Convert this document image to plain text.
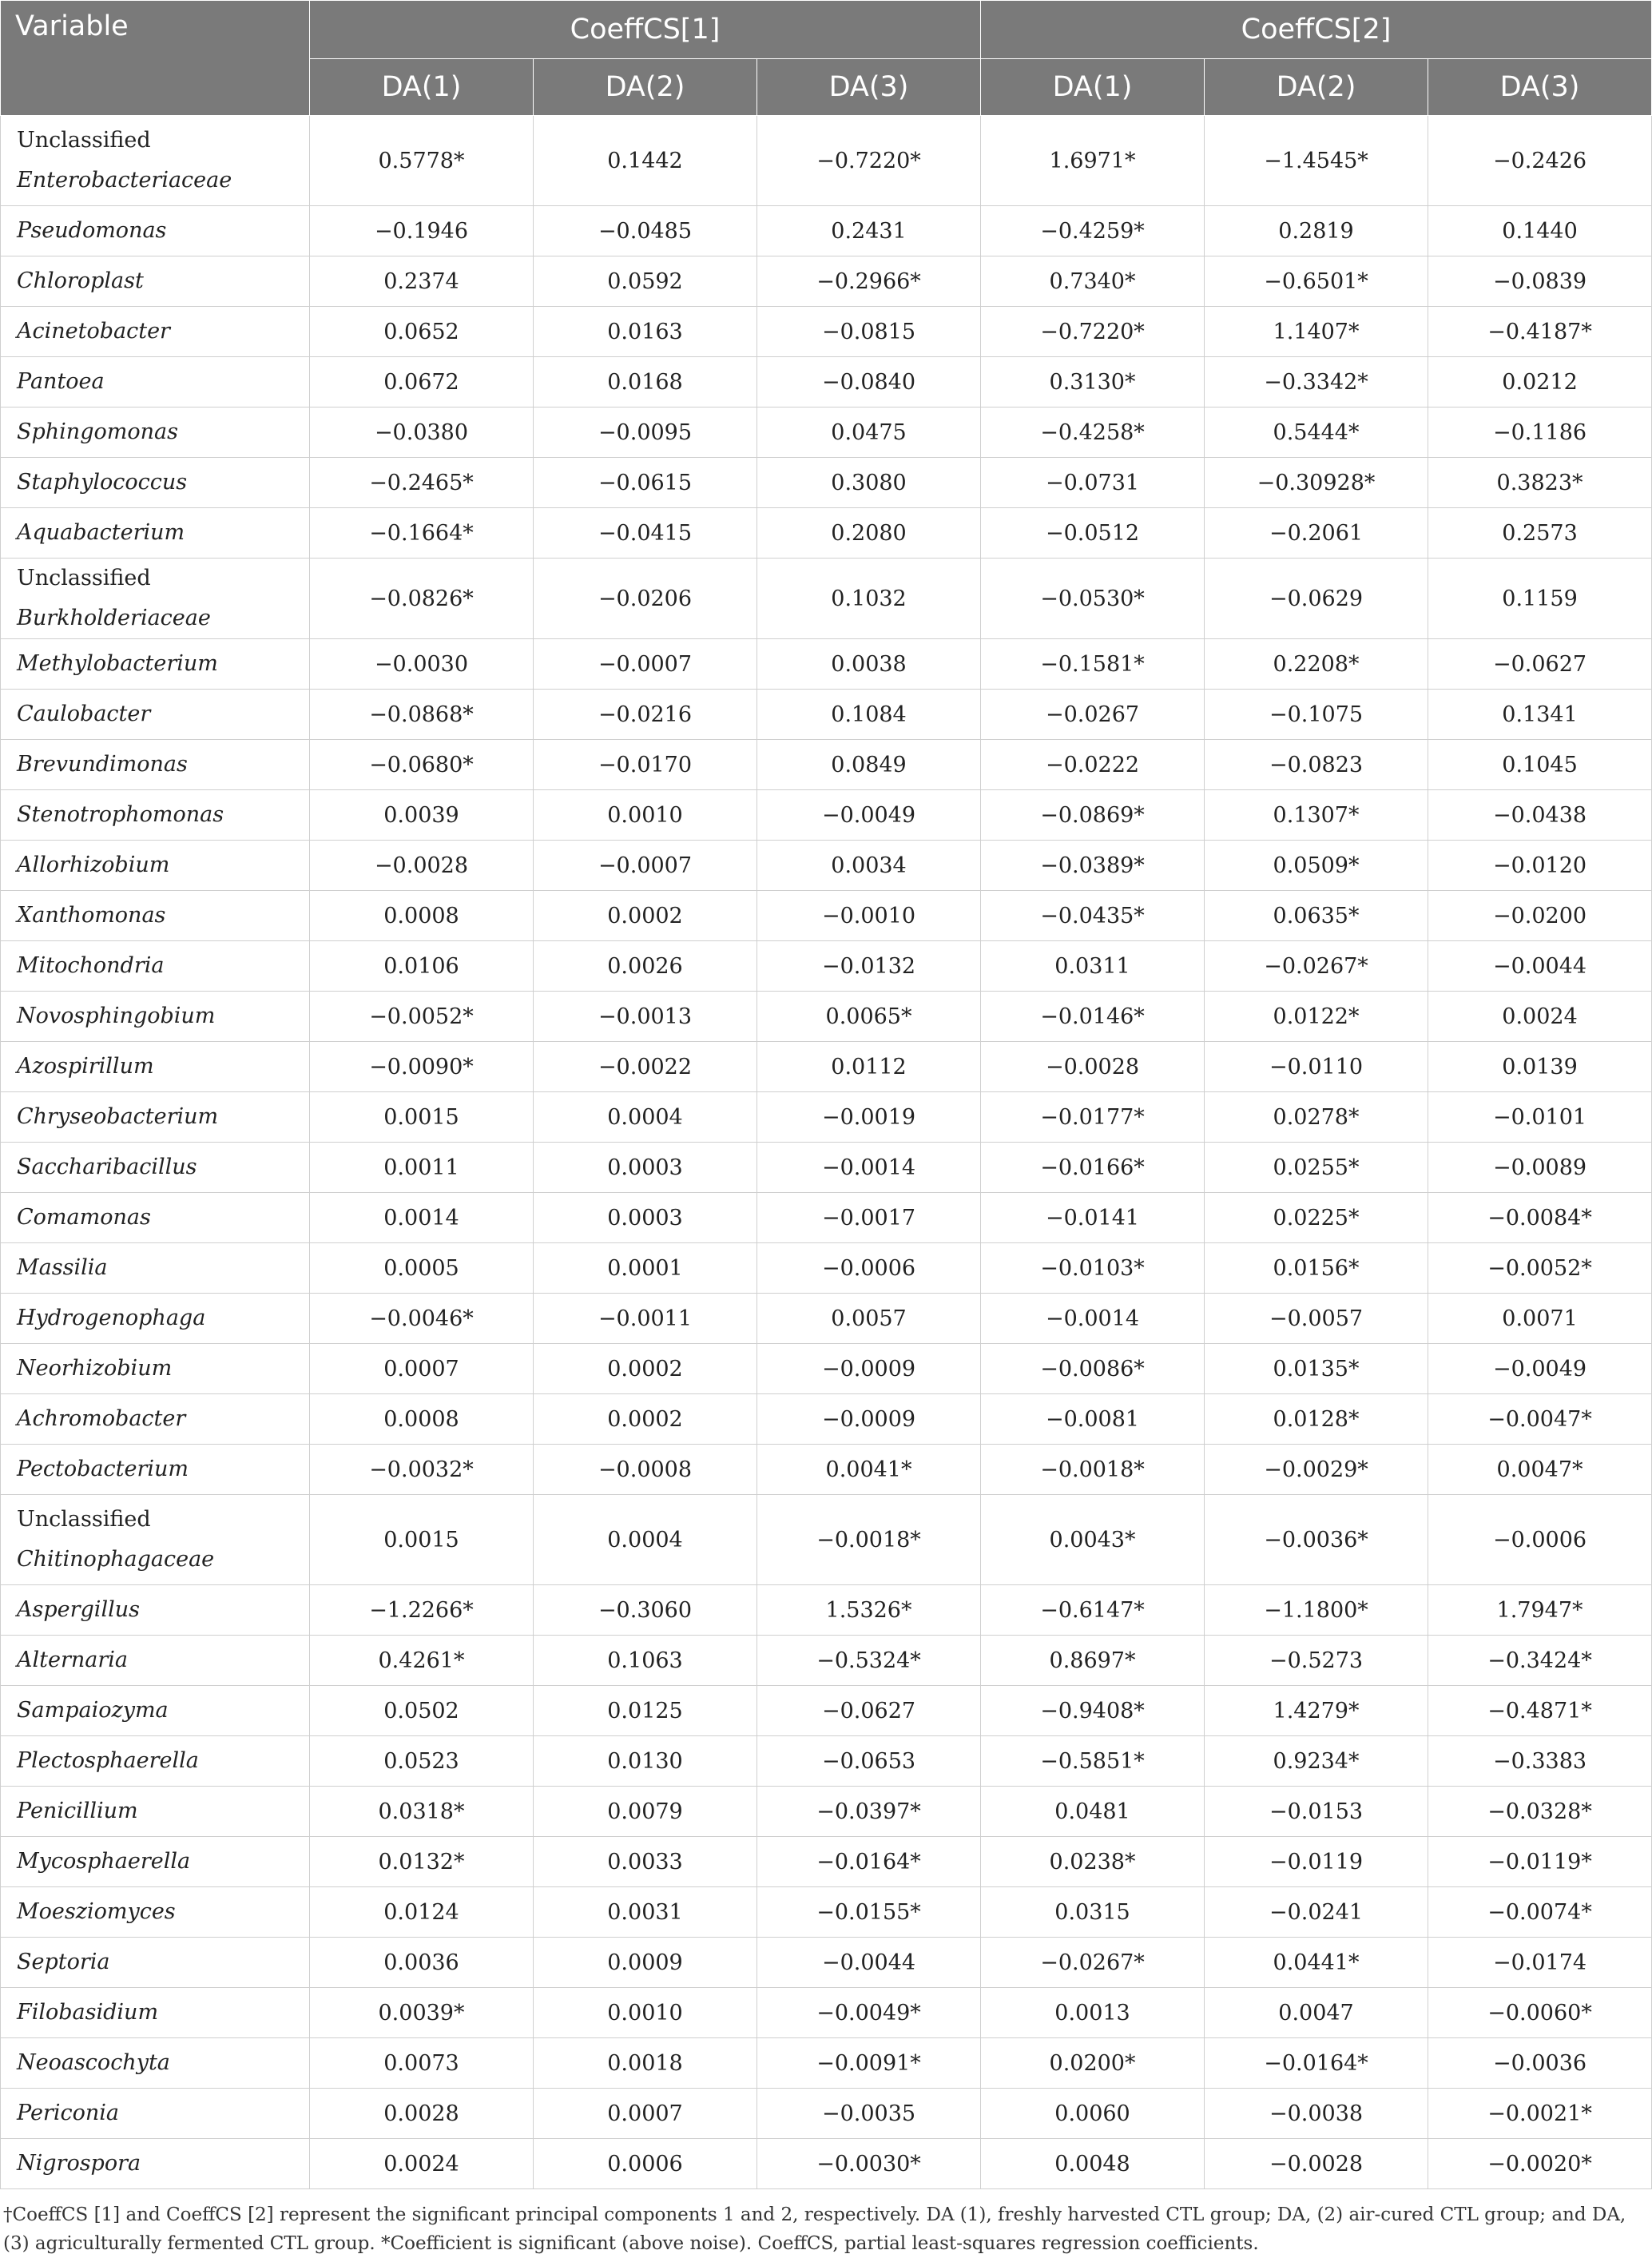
Variable	CoeffCS[1]			CoeffCS[2]		
	DA(1)	DA(2)	DA(3)	DA(1)	DA(2)	DA(3)
Unclassified
Enterobacteriaceae	0.5778*	0.1442	−0.7220*	1.6971*	−1.4545*	−0.2426
Pseudomonas	−0.1946	−0.0485	0.2431	−0.4259*	0.2819	0.1440
Chloroplast	0.2374	0.0592	−0.2966*	0.7340*	−0.6501*	−0.0839
Acinetobacter	0.0652	0.0163	−0.0815	−0.7220*	1.1407*	−0.4187*
Pantoea	0.0672	0.0168	−0.0840	0.3130*	−0.3342*	0.0212
Sphingomonas	−0.0380	−0.0095	0.0475	−0.4258*	0.5444*	−0.1186
Staphylococcus	−0.2465*	−0.0615	0.3080	−0.0731	−0.30928*	0.3823*
Aquabacterium	−0.1664*	−0.0415	0.2080	−0.0512	−0.2061	0.2573
Unclassified Burkholderiaceae	−0.0826*	−0.0206	0.1032	−0.0530*	−0.0629	0.1159
Methylobacterium	−0.0030	−0.0007	0.0038	−0.1581*	0.2208*	−0.0627
Caulobacter	−0.0868*	−0.0216	0.1084	−0.0267	−0.1075	0.1341
Brevundimonas	−0.0680*	−0.0170	0.0849	−0.0222	−0.0823	0.1045
Stenotrophomonas	0.0039	0.0010	−0.0049	−0.0869*	0.1307*	−0.0438
Allorhizobium	−0.0028	−0.0007	0.0034	−0.0389*	0.0509*	−0.0120
Xanthomonas	0.0008	0.0002	−0.0010	−0.0435*	0.0635*	−0.0200
Mitochondria	0.0106	0.0026	−0.0132	0.0311	−0.0267*	−0.0044
Novosphingobium	−0.0052*	−0.0013	0.0065*	−0.0146*	0.0122*	0.0024
Azospirillum	−0.0090*	−0.0022	0.0112	−0.0028	−0.0110	0.0139
Chryseobacterium	0.0015	0.0004	−0.0019	−0.0177*	0.0278*	−0.0101
Saccharibacillus	0.0011	0.0003	−0.0014	−0.0166*	0.0255*	−0.0089
Comamonas	0.0014	0.0003	−0.0017	−0.0141	0.0225*	−0.0084*
Massilia	0.0005	0.0001	−0.0006	−0.0103*	0.0156*	−0.0052*
Hydrogenophaga	−0.0046*	−0.0011	0.0057	−0.0014	−0.0057	0.0071
Neorhizobium	0.0007	0.0002	−0.0009	−0.0086*	0.0135*	−0.0049
Achromobacter	0.0008	0.0002	−0.0009	−0.0081	0.0128*	−0.0047*
Pectobacterium	−0.0032*	−0.0008	0.0041*	−0.0018*	−0.0029*	0.0047*
Unclassified
Chitinophagaceae	0.0015	0.0004	−0.0018*	0.0043*	−0.0036*	−0.0006
Aspergillus	−1.2266*	−0.3060	1.5326*	−0.6147*	−1.1800*	1.7947*
Alternaria	0.4261*	0.1063	−0.5324*	0.8697*	−0.5273	−0.3424*
Sampaiozyma	0.0502	0.0125	−0.0627	−0.9408*	1.4279*	−0.4871*
Plectosphaerella	0.0523	0.0130	−0.0653	−0.5851*	0.9234*	−0.3383
Penicillium	0.0318*	0.0079	−0.0397*	0.0481	−0.0153	−0.0328*
Mycosphaerella	0.0132*	0.0033	−0.0164*	0.0238*	−0.0119	−0.0119*
Moesziomyces	0.0124	0.0031	−0.0155*	0.0315	−0.0241	−0.0074*
Septoria	0.0036	0.0009	−0.0044	−0.0267*	0.0441*	−0.0174
Filobasidium	0.0039*	0.0010	−0.0049*	0.0013	0.0047	−0.0060*
Neoascochyta	0.0073	0.0018	−0.0091*	0.0200*	−0.0164*	−0.0036
Periconia	0.0028	0.0007	−0.0035	0.0060	−0.0038	−0.0021*
Nigrospora	0.0024	0.0006	−0.0030*	0.0048	−0.0028	−0.0020*
†CoeffCS [1] and CoeffCS [2] represent the significant principal components 1 and 2, respectively. DA (1), freshly harvested CTL group; DA, (2) air-cured CTL group; and DA, (3) agriculturally fermented CTL group. *Coefficient is significant (above noise). CoeffCS, partial least-squares regression coefficients.
